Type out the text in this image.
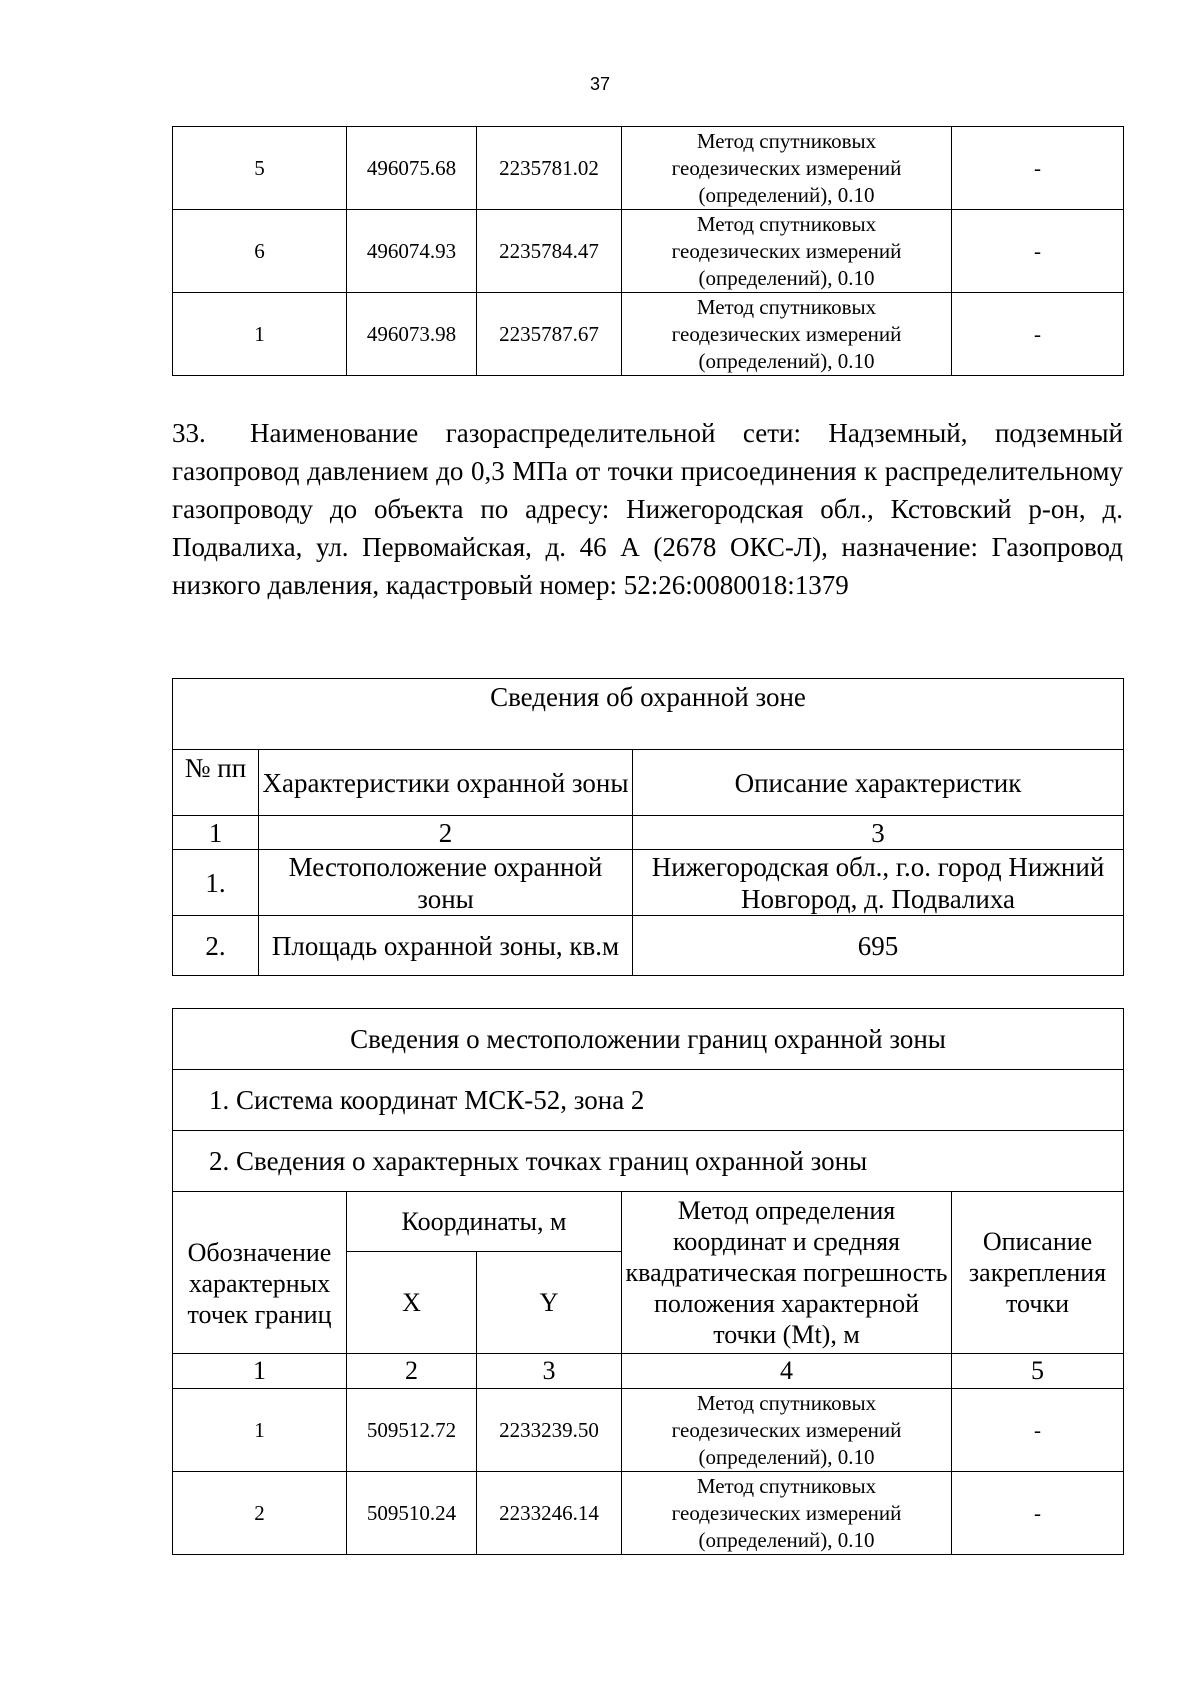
37
5	496075.68	2235781.02	Метод спутниковых
геодезических измерений
(определений), 0.10	-
6	496074.93	2235784.47	Метод спутниковых
геодезических измерений
(определений), 0.10	-
1	496073.98	2235787.67	Метод спутниковых
геодезических измерений
(определений), 0.10	-
33. Наименование газораспределительной сети: Надземный, подземный газопровод давлением до 0,3 МПа от точки присоединения к распределительному газопроводу до объекта по адресу: Нижегородская обл., Кстовский р-он, д. Подвалиха, ул. Первомайская, д. 46 А (2678 ОКС-Л), назначение: Газопровод низкого давления, кадастровый номер: 52:26:0080018:1379
Сведения об охранной зоне		
№ пп	Характеристики охранной зоны	Описание характеристик
1	2	3
1.	Местоположение охранной зоны	Нижегородская обл., г.о. город Нижний Новгород, д. Подвалиха
2.	Площадь охранной зоны, кв.м	695
Сведения о местоположении границ охранной зоны				
1. Система координат МСК-52, зона 2				
2. Сведения о характерных точках границ охранной зоны				
Обозначение характерных точек границ	Координаты, м		Метод определения координат и средняя квадратическая погрешность положения характерной точки (Mt), м	Описание закрепления точки
	X	Y		
1	2	3	4	5
1	509512.72	2233239.50	Метод спутниковых
геодезических измерений
(определений), 0.10	-
2	509510.24	2233246.14	Метод спутниковых
геодезических измерений
(определений), 0.10	-
